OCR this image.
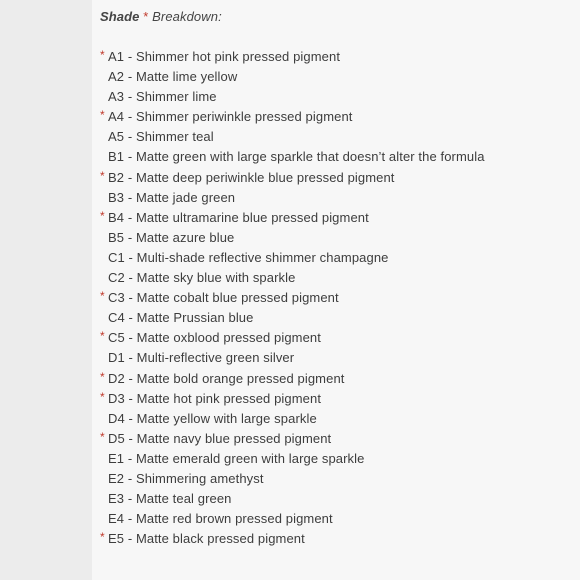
Shade * Breakdown:

* A1 - Shimmer hot pink pressed pigment
A2 - Matte lime yellow
A3 - Shimmer lime
* A4 - Shimmer periwinkle pressed pigment
A5 - Shimmer teal
B1 - Matte green with large sparkle that doesn’t alter the formula
* B2 - Matte deep periwinkle blue pressed pigment
B3 - Matte jade green
* B4 - Matte ultramarine blue pressed pigment
B5 - Matte azure blue
C1 - Multi-shade reflective shimmer champagne
C2 - Matte sky blue with sparkle
* C3 - Matte cobalt blue pressed pigment
C4 - Matte Prussian blue
* C5 - Matte oxblood pressed pigment
D1 - Multi-reflective green silver
* D2 - Matte bold orange pressed pigment
* D3 - Matte hot pink pressed pigment
D4 - Matte yellow with large sparkle
* D5 - Matte navy blue pressed pigment
E1 - Matte emerald green with large sparkle
E2 - Shimmering amethyst
E3 - Matte teal green
E4 - Matte red brown pressed pigment
* E5 - Matte black pressed pigment
